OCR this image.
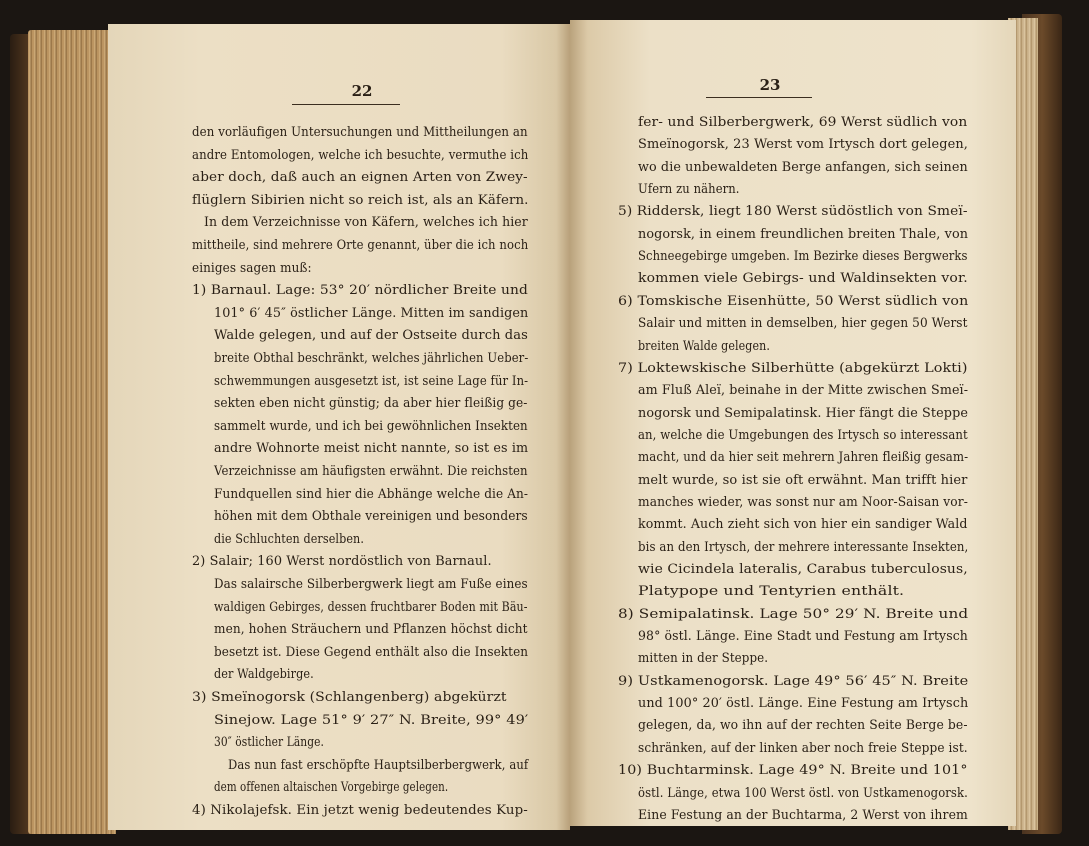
22
den vorläufigen Untersuchungen und Mittheilungen an
andre Entomologen, welche ich besuchte, vermuthe ich
aber doch, daß auch an eignen Arten von Zwey-
flüglern Sibirien nicht so reich ist, als an Käfern.
In dem Verzeichnisse von Käfern, welches ich hier
mittheile, sind mehrere Orte genannt, über die ich noch
einiges sagen muß:
1) Barnaul. Lage: 53° 20′ nördlicher Breite und
101° 6′ 45″ östlicher Länge. Mitten im sandigen
Walde gelegen, und auf der Ostseite durch das
breite Obthal beschränkt, welches jährlichen Ueber-
schwemmungen ausgesetzt ist, ist seine Lage für In-
sekten eben nicht günstig; da aber hier fleißig ge-
sammelt wurde, und ich bei gewöhnlichen Insekten
andre Wohnorte meist nicht nannte, so ist es im
Verzeichnisse am häufigsten erwähnt. Die reichsten
Fundquellen sind hier die Abhänge welche die An-
höhen mit dem Obthale vereinigen und besonders
die Schluchten derselben.
2) Salair; 160 Werst nordöstlich von Barnaul.
Das salairsche Silberbergwerk liegt am Fuße eines
waldigen Gebirges, dessen fruchtbarer Boden mit Bäu-
men, hohen Sträuchern und Pflanzen höchst dicht
besetzt ist. Diese Gegend enthält also die Insekten
der Waldgebirge.
3) Smeïnogorsk (Schlangenberg) abgekürzt
Sinejow. Lage 51° 9′ 27″ N. Breite, 99° 49′
30″ östlicher Länge.
Das nun fast erschöpfte Hauptsilberbergwerk, auf
dem offenen altaischen Vorgebirge gelegen.
4) Nikolajefsk. Ein jetzt wenig bedeutendes Kup-
23
fer- und Silberbergwerk, 69 Werst südlich von
Smeïnogorsk, 23 Werst vom Irtysch dort gelegen,
wo die unbewaldeten Berge anfangen, sich seinen
Ufern zu nähern.
5) Riddersk, liegt 180 Werst südöstlich von Smeï-
nogorsk, in einem freundlichen breiten Thale, von
Schneegebirge umgeben. Im Bezirke dieses Bergwerks
kommen viele Gebirgs- und Waldinsekten vor.
6) Tomskische Eisenhütte, 50 Werst südlich von
Salair und mitten in demselben, hier gegen 50 Werst
breiten Walde gelegen.
7) Loktewskische Silberhütte (abgekürzt Lokti)
am Fluß Aleï, beinahe in der Mitte zwischen Smeï-
nogorsk und Semipalatinsk. Hier fängt die Steppe
an, welche die Umgebungen des Irtysch so interessant
macht, und da hier seit mehrern Jahren fleißig gesam-
melt wurde, so ist sie oft erwähnt. Man trifft hier
manches wieder, was sonst nur am Noor-Saisan vor-
kommt. Auch zieht sich von hier ein sandiger Wald
bis an den Irtysch, der mehrere interessante Insekten,
wie Cicindela lateralis, Carabus tuberculosus,
Platypope und Tentyrien enthält.
8) Semipalatinsk. Lage 50° 29′ N. Breite und
98° östl. Länge. Eine Stadt und Festung am Irtysch
mitten in der Steppe.
9) Ustkamenogorsk. Lage 49° 56′ 45″ N. Breite
und 100° 20′ östl. Länge. Eine Festung am Irtysch
gelegen, da, wo ihn auf der rechten Seite Berge be-
schränken, auf der linken aber noch freie Steppe ist.
10) Buchtarminsk. Lage 49° N. Breite und 101°
östl. Länge, etwa 100 Werst östl. von Ustkamenogorsk.
Eine Festung an der Buchtarma, 2 Werst von ihrem
